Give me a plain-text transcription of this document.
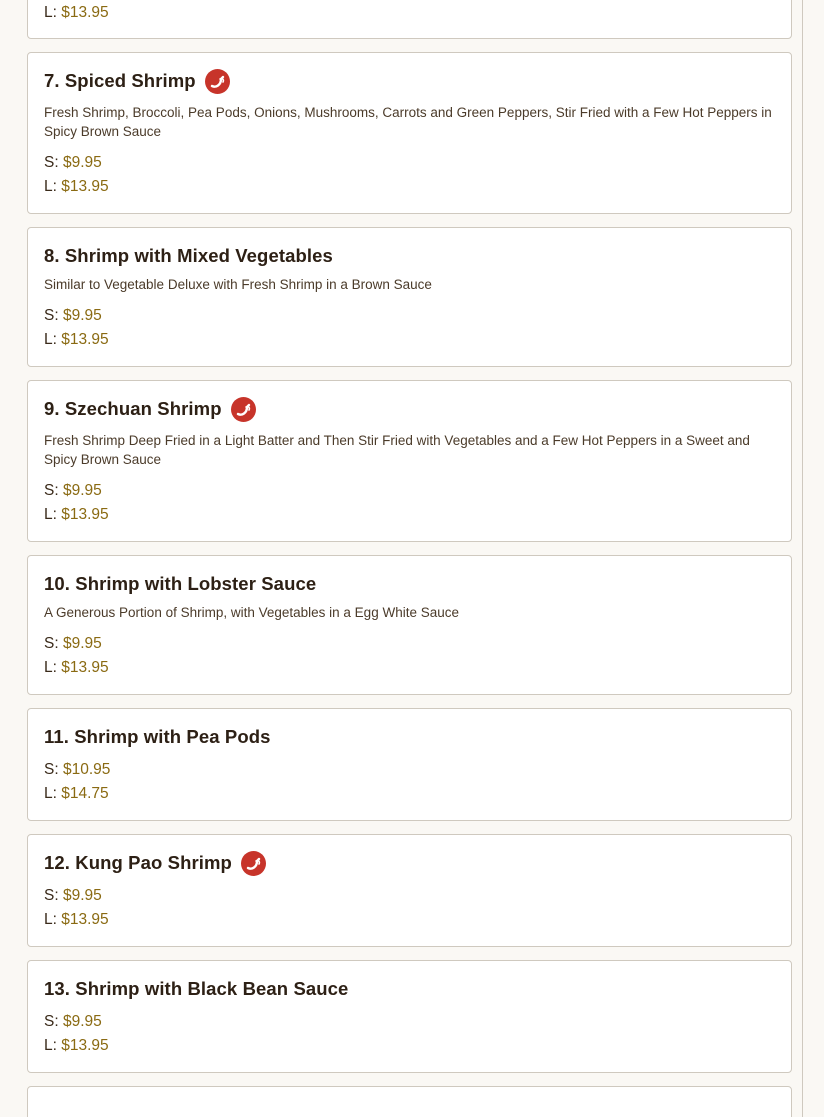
L: $13.95
7. Spiced Shrimp
Fresh Shrimp, Broccoli, Pea Pods, Onions, Mushrooms, Carrots and Green Peppers, Stir Fried with a Few Hot Peppers in Spicy Brown Sauce
S: $9.95
L: $13.95
8. Shrimp with Mixed Vegetables
Similar to Vegetable Deluxe with Fresh Shrimp in a Brown Sauce
S: $9.95
L: $13.95
9. Szechuan Shrimp
Fresh Shrimp Deep Fried in a Light Batter and Then Stir Fried with Vegetables and a Few Hot Peppers in a Sweet and Spicy Brown Sauce
S: $9.95
L: $13.95
10. Shrimp with Lobster Sauce
A Generous Portion of Shrimp, with Vegetables in a Egg White Sauce
S: $9.95
L: $13.95
11. Shrimp with Pea Pods
S: $10.95
L: $14.75
12. Kung Pao Shrimp
S: $9.95
L: $13.95
13. Shrimp with Black Bean Sauce
S: $9.95
L: $13.95
